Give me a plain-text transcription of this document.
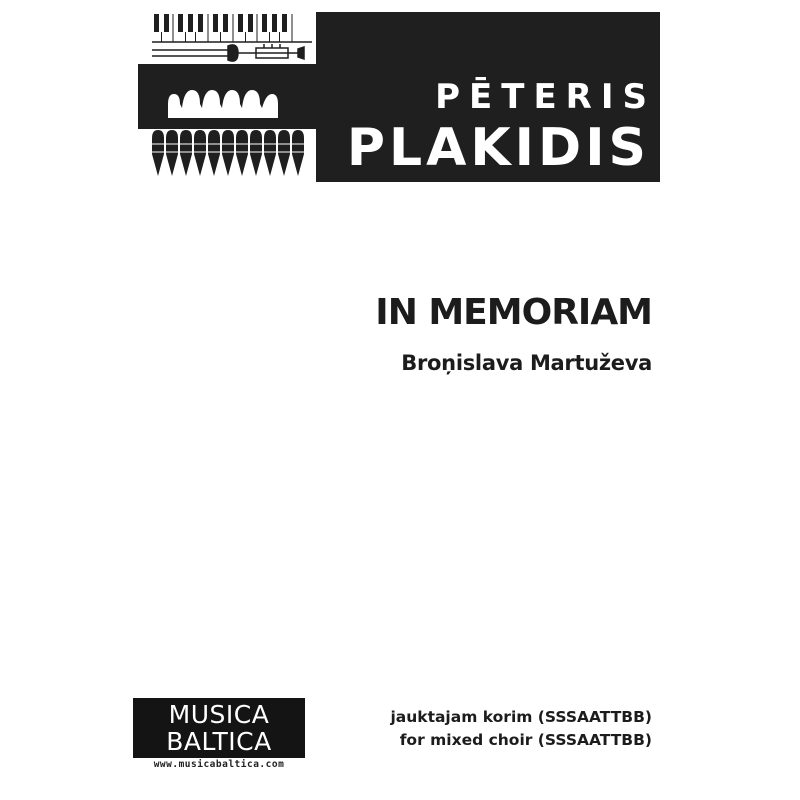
PĒTERIS
PLAKIDIS
IN MEMORIAM
Broņislava Martuževa
MUSICA
BALTICA
www.musicabaltica.com
jauktajam korim (SSSAATTBB)
for mixed choir (SSSAATTBB)
